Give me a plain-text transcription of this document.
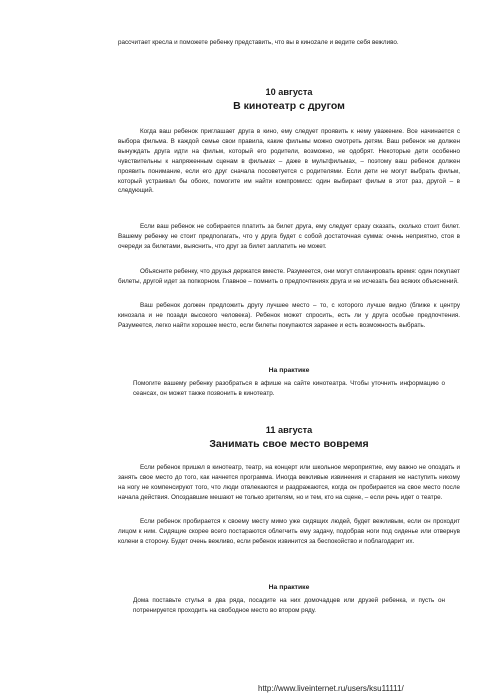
рассчитает кресла и поможете ребенку представить, что вы в киноzале и ведите себя вежливо.

10 августа
В кинотеатр с другом

Когда ваш ребенок приглашает друга в кино, ему следует проявить к нему уважение. Все начинается с выбора фильма. В каждой семье свои правила, какие фильмы можно смотреть детям. Ваш ребенок не должен вынуждать друга идти на фильм, который его родители, возможно, не одобрят. Некоторые дети особенно чувствительны к напряженным сценам в фильмах – даже в мультфильмах, – поэтому ваш ребенок должен проявить понимание, если его друг сначала посоветуется с родителями. Если дети не могут выбрать фильм, который устраивал бы обоих, помогите им найти компромисс: один выбирает фильм в этот раз, другой – в следующий.

Если ваш ребенок не собирается платить за билет друга, ему следует сразу сказать, сколько стоит билет. Вашему ребенку не стоит предполагать, что у друга будет с собой достаточная сумма: очень неприятно, стоя в очереди за билетами, выяснить, что друг за билет заплатить не может.

Объясните ребенку, что друзья держатся вместе. Разумеется, они могут спланировать время: один покупает билеты, другой идет за попкорном. Главное – помнить о предпочтениях друга и не исчезать без всяких объяснений.

Ваш ребенок должен предложить другу лучшее место – то, с которого лучше видно (ближе к центру кинозала и не позади высокого человека). Ребенок может спросить, есть ли у друга особые предпочтения. Разумеется, легко найти хорошее место, если билеты покупаются заранее и есть возможность выбрать.

На практике

Помогите вашему ребенку разобраться в афише на сайте кинотеатра. Чтобы уточнить информацию о сеансах, он может также позвонить в кинотеатр.

11 августа
Занимать свое место вовремя

Если ребенок пришел в кинотеатр, театр, на концерт или школьное мероприятие, ему важно не опоздать и занять свое место до того, как начнется программа. Иногда вежливые извинения и старания не наступить никому на ногу не компенсируют того, что люди отвлекаются и раздражаются, когда он пробирается на свое место после начала действия. Опоздавшие мешают не только зрителям, но и тем, кто на сцене, – если речь идет о театре.

Если ребенок пробирается к своему месту мимо уже сидящих людей, будет вежливым, если он проходит лицом к ним. Сидящие скорее всего постараются облегчить ему задачу, подобрав ноги под сиденье или отвернув колени в сторону. Будет очень вежливо, если ребенок извинится за беспокойство и поблагодарит их.

На практике

Дома поставьте стулья в два ряда, посадите на них домочадцев или друзей ребенка, и пусть он потренируется проходить на свободное место во втором ряду.

http://www.liveinternet.ru/users/ksu11111/
